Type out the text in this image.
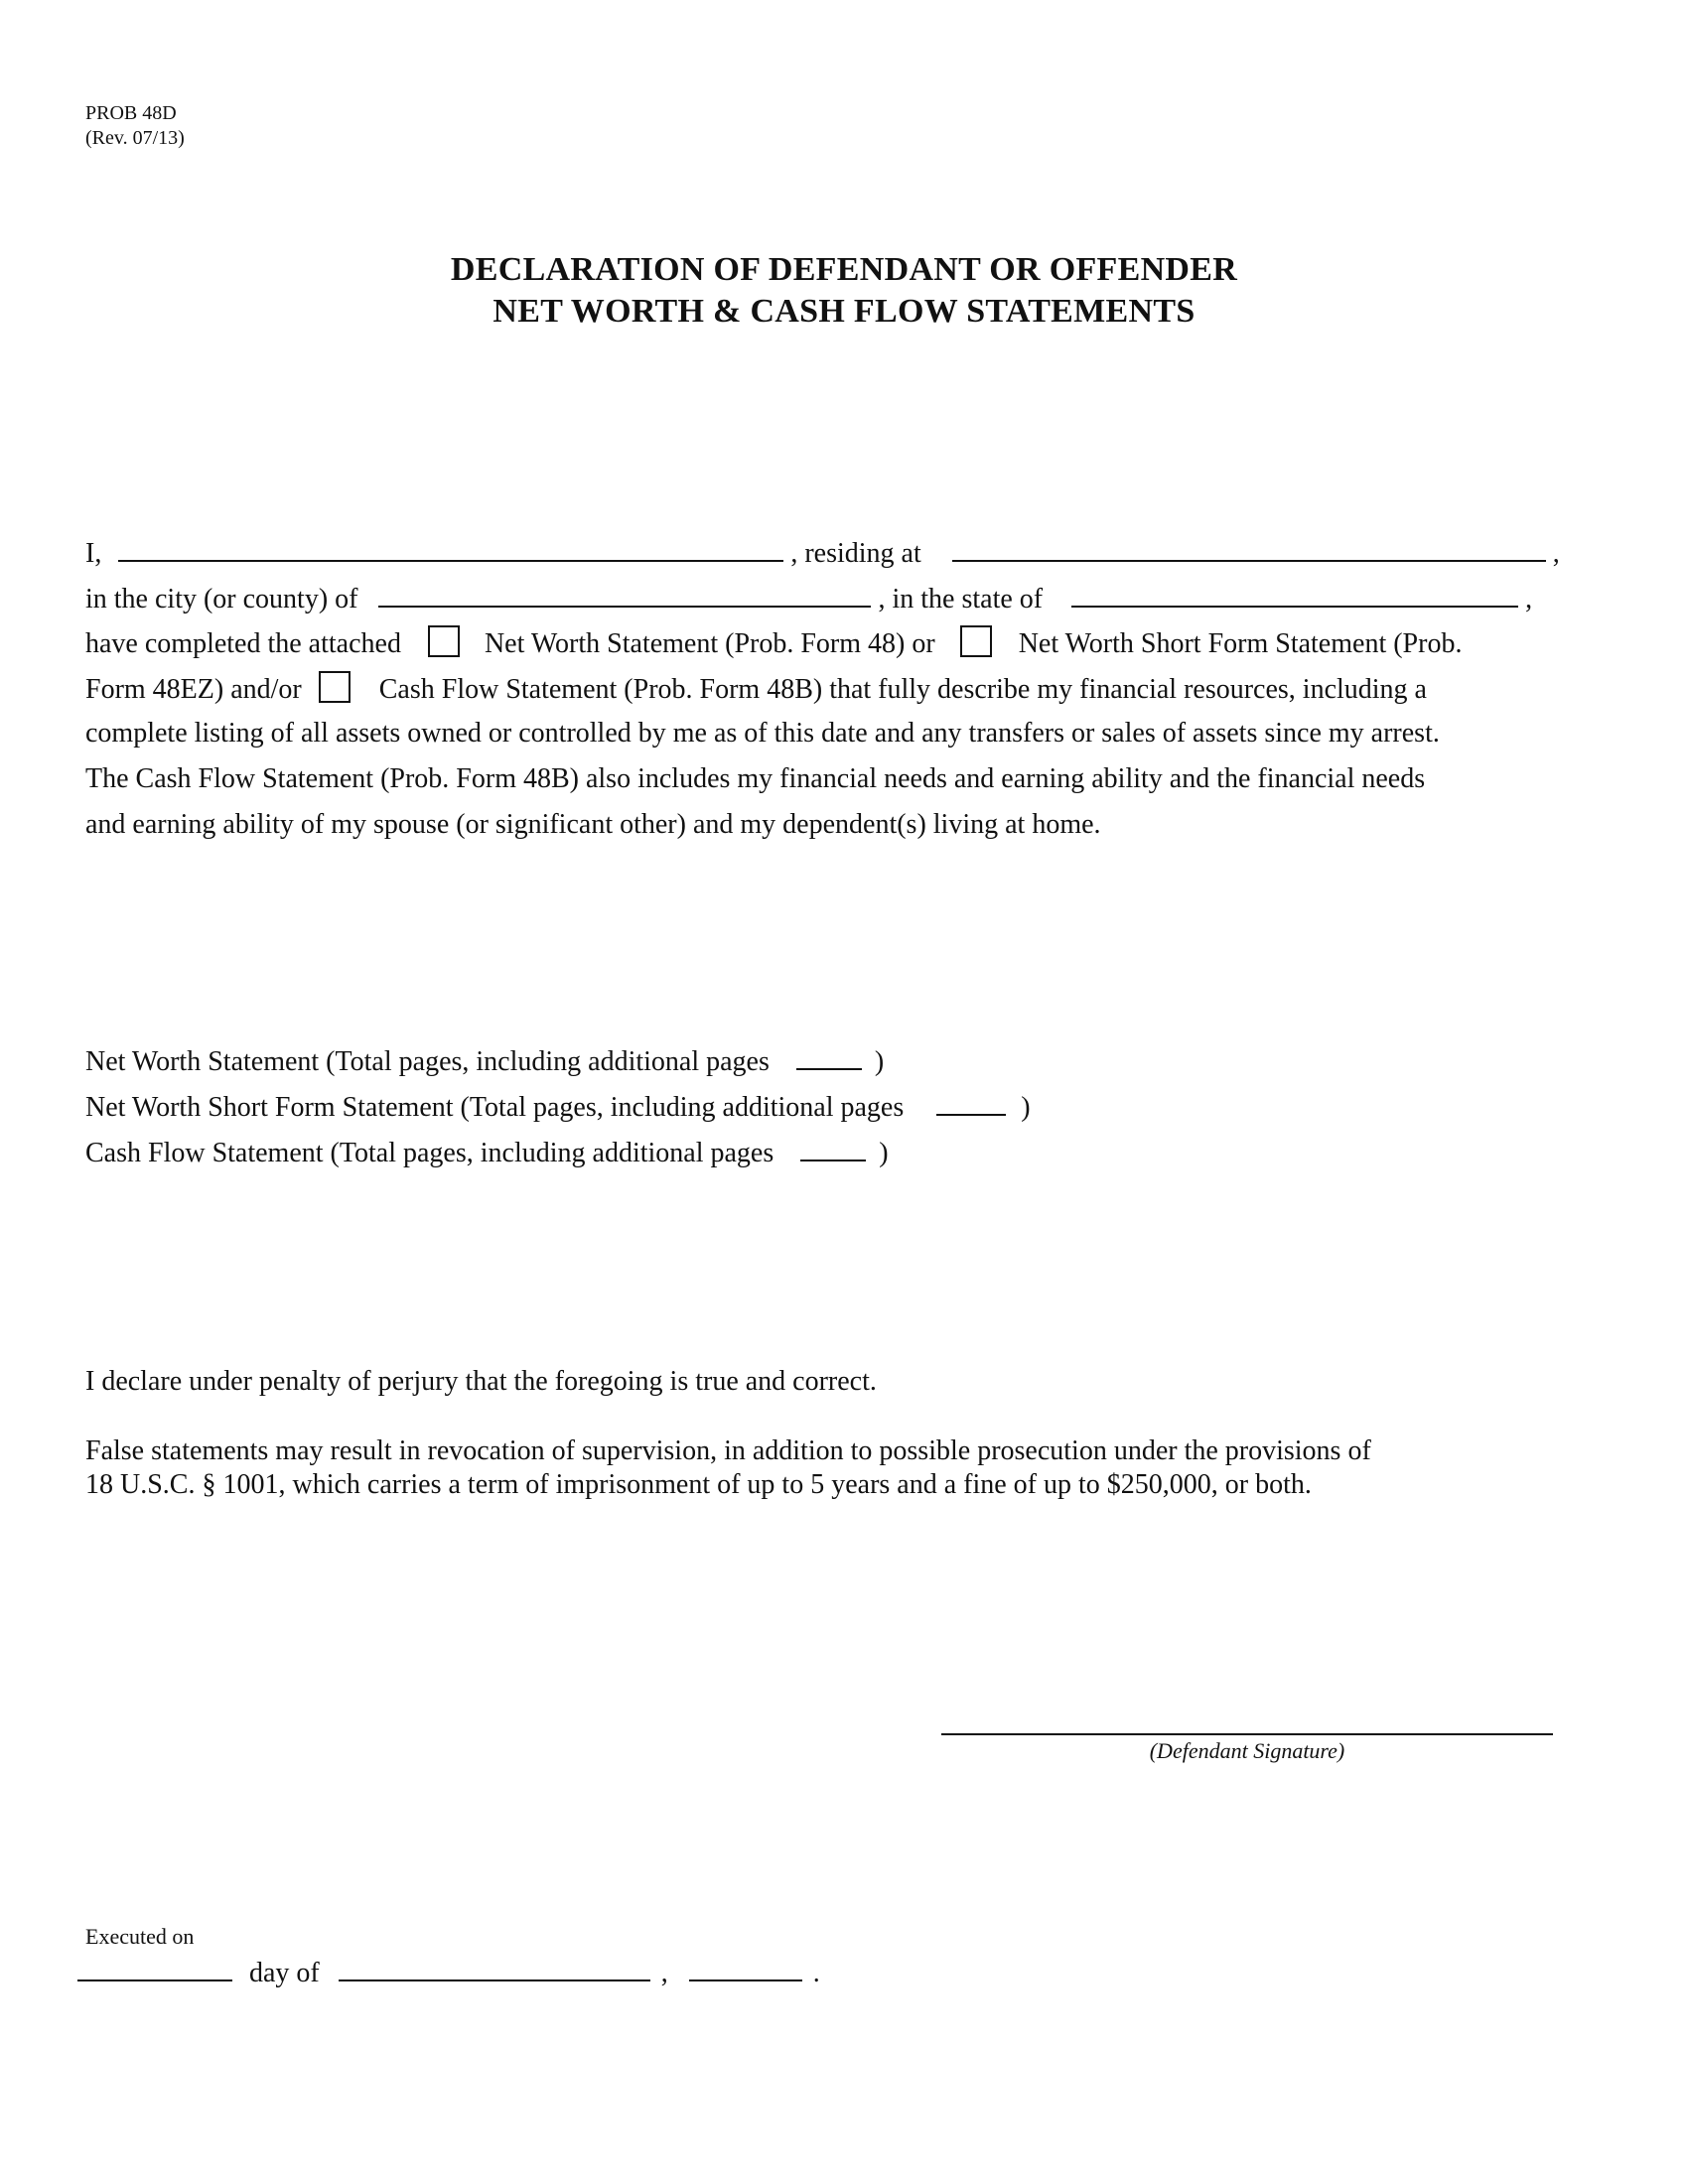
PROB 48D
(Rev. 07/13)
DECLARATION OF DEFENDANT OR OFFENDER
NET WORTH & CASH FLOW STATEMENTS
I,	, residing at	,
in the city (or county) of	, in the state of	,
have completed the attached	Net Worth Statement (Prob. Form 48) or	Net Worth Short Form Statement (Prob.
Form 48EZ) and/or	Cash Flow Statement (Prob. Form 48B) that fully describe my financial resources, including a
complete listing of all assets owned or controlled by me as of this date and any transfers or sales of assets since my arrest.
The Cash Flow Statement (Prob. Form 48B) also includes my financial needs and earning ability and the financial needs
and earning ability of my spouse (or significant other) and my dependent(s) living at home.
Net Worth Statement (Total pages, including additional pages	)
Net Worth Short Form Statement (Total pages, including additional pages	)
Cash Flow Statement (Total pages, including additional pages	)
I declare under penalty of perjury that the foregoing is true and correct.
False statements may result in revocation of supervision, in addition to possible prosecution under the provisions of
18 U.S.C. § 1001, which carries a term of imprisonment of up to 5 years and a fine of up to $250,000, or both.
(Defendant Signature)
Executed on
day of	,	.
